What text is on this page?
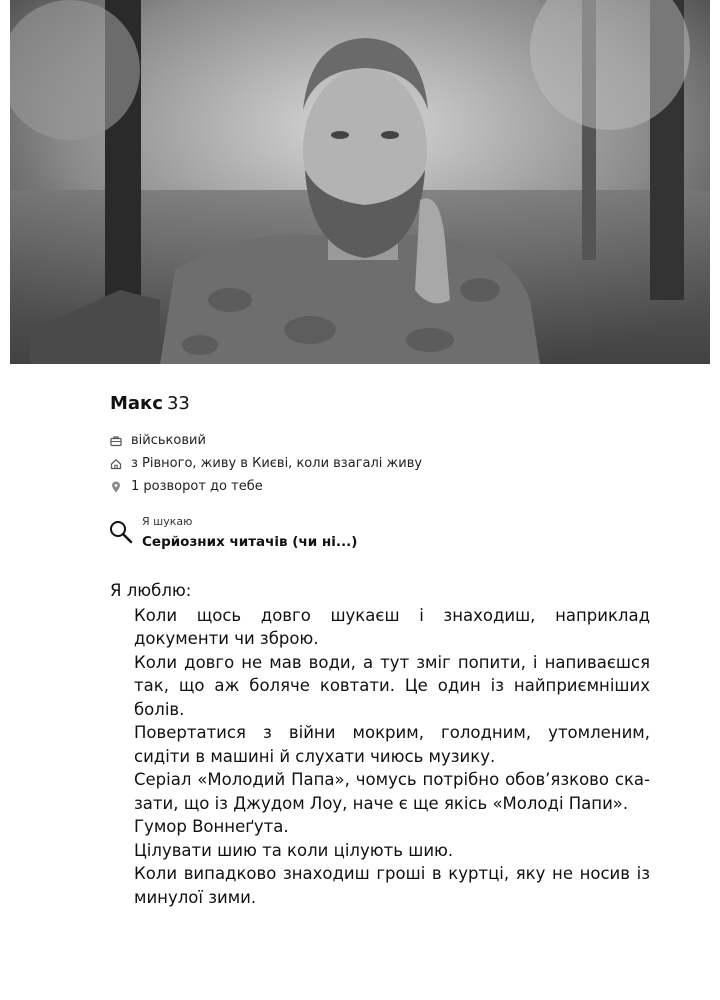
Макс 33
військовий
з Рівного, живу в Києві, коли взагалі живу
1 розворот до тебе
Я шукаю
Серйозних читачів (чи ні...)
Я люблю:

Коли щось довго шукаєш і знаходиш, наприклад документи чи зброю.

Коли довго не мав води, а тут зміг попити, і напиваєшся так, що аж боляче ковтати. Це один із найприємніших болів.

Повертатися з війни мокрим, голодним, утомленим, сидіти в машині й слухати чиюсь музику.

Серіал «Молодий Папа», чомусь потрібно обов’язково ска-зати, що із Джудом Лоу, наче є ще якісь «Молоді Папи».

Гумор Воннеґута.

Цілувати шию та коли цілують шию.

Коли випадково знаходиш гроші в куртці, яку не носив із минулої зими.
